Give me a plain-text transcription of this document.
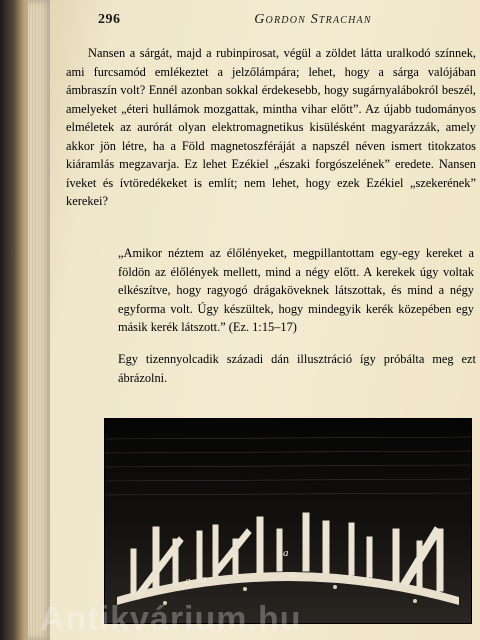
296	Gordon Strachan

Nansen a sárgát, majd a rubinpirosat, végül a zöldet látta uralkodó színnek, ami furcsamód emlékeztet a jelzőlámpára; lehet, hogy a sárga valójában ámbraszín volt? Ennél azonban sokkal érdekesebb, hogy sugárnyalábokról beszél, amelyeket „éteri hullámok mozgattak, mintha vihar előtt”. Az újabb tudományos elméletek az aurórát olyan elektromagnetikus kisülésként magyarázzák, amely akkor jön létre, ha a Föld magnetoszféráját a napszél néven ismert titokzatos kiáramlás megzavarja. Ez lehet Ezékiel „északi forgószelének” eredete. Nansen íveket és ívtöredékeket is említ; nem lehet, hogy ezek Ezékiel „szekerének” kerekei?

„Amikor néztem az élőlényeket, megpillantottam egy-egy kereket a földön az élőlények mellett, mind a négy előtt. A kerekek úgy voltak elkészítve, hogy ragyogó drágaköveknek látszottak, és mind a négy egyforma volt. Úgy készültek, hogy mindegyik kerék közepében egy másik kerék látszott.” (Ez. 1:15–17)

Egy tizennyolcadik századi dán illusztráció így próbálta meg ezt ábrázolni.

a a
a
a	a
Antikvárium.hu
